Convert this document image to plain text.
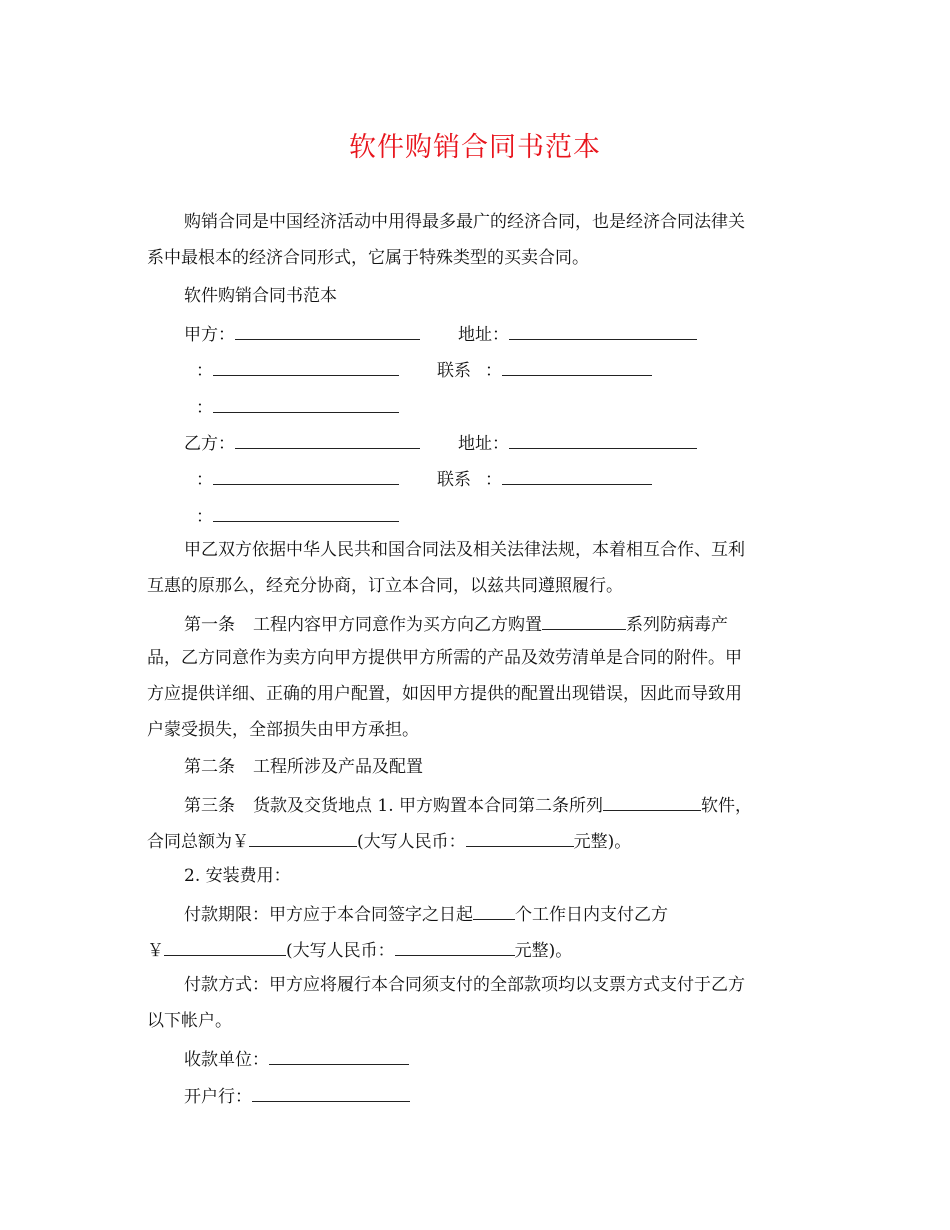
软件购销合同书范本
购销合同是中国经济活动中用得最多最广的经济合同，也是经济合同法律关
系中最根本的经济合同形式，它属于特殊类型的买卖合同。
软件购销合同书范本
甲方：	地址：
：	联系 ：
：
乙方：	地址：
：	联系 ：
：
甲乙双方依据中华人民共和国合同法及相关法律法规，本着相互合作、互利
互惠的原那么，经充分协商，订立本合同，以兹共同遵照履行。
第一条 工程内容甲方同意作为买方向乙方购置	系列防病毒产
品，乙方同意作为卖方向甲方提供甲方所需的产品及效劳清单是合同的附件。甲
方应提供详细、正确的用户配置，如因甲方提供的配置出现错误，因此而导致用
户蒙受损失，全部损失由甲方承担。
第二条 工程所涉及产品及配置
第三条 货款及交货地点 1. 甲方购置本合同第二条所列	软件，
合同总额为￥	(大写人民币：	元整)。
2. 安装费用：
付款期限：甲方应于本合同签字之日起 个工作日内支付乙方
￥	(大写人民币：	元整)。
付款方式：甲方应将履行本合同须支付的全部款项均以支票方式支付于乙方
以下帐户。
收款单位：
开户行：
